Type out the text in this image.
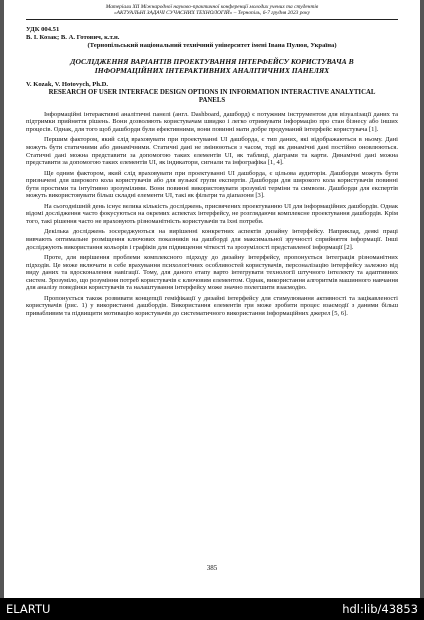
Матеріали XII Міжнародної науково-практичної конференції молодих учених та студентів
«АКТУАЛЬНІ ЗАДАЧІ СУЧАСНИХ ТЕХНОЛОГІЙ» – Тернопіль, 6-7 грудня 2023 року
УДК 004.51
В. І. Козак; В. А. Готович, к.т.н.
(Тернопільський національний технічний університет імені Івана Пулюя, Україна)
ДОСЛІДЖЕННЯ ВАРІАНТІВ ПРОЕКТУВАННЯ ІНТЕРФЕЙСУ КОРИСТУВАЧА В ІНФОРМАЦІЙНИХ ІНТЕРАКТИВНИХ АНАЛІТИЧНИХ ПАНЕЛЯХ
V. Kozak, V. Hotovych, Ph.D.
RESEARCH OF USER INTERFACE DESIGN OPTIONS IN INFORMATION INTERACTIVE ANALYTICAL PANELS

Інформаційні інтерактивні аналітичні панелі (англ. Dashboard, дашборд) є потужним інструментом для візуалізації даних та підтримки прийняття рішень. Вони дозволяють користувачам швидко і легко отримувати інформацію про стан бізнесу або інших процесів. Однак, для того щоб дашборди були ефективними, вони повинні мати добре продуманий інтерфейс користувача [1].

Першим фактором, який слід враховувати при проектуванні UI дашборда, є тип даних, які відображаються в ньому. Дані можуть бути статичними або динамічними. Статичні дані не змінюються з часом, тоді як динамічні дані постійно оновлюються. Статичні дані можна представити за допомогою таких елементів UI, як таблиці, діаграми та карти. Динамічні дані можна представити за допомогою таких елементів UI, як індикатори, сигнали та інфографіка [1, 4].

Ще одним фактором, який слід враховувати при проектуванні UI дашборда, є цільова аудиторія. Дашборди можуть бути призначені для широкого кола користувачів або для вузької групи експертів. Дашборди для широкого кола користувачів повинні бути простими та інтуїтивно зрозумілими. Вони повинні використовувати зрозумілі терміни та символи. Дашборди для експертів можуть використовувати більш складні елементи UI, такі як фільтри та діапазони [3].

На сьогоднішній день існує велика кількість досліджень, присвячених проектуванню UI для інформаційних дашбордів. Однак відомі дослідження часто фокусуються на окремих аспектах інтерфейсу, не розглядаючи комплексне проектування дашбордів. Крім того, такі рішення часто не враховують різноманітність користувачів та їхні потреби.

Декілька досліджень зосереджуються на вирішенні конкретних аспектів дизайну інтерфейсу. Наприклад, деякі праці вивчають оптимальне розміщення ключових показників на дашборді для максимальної зручності сприйняття інформації. Інші досліджують використання кольорів і графіків для підвищення чіткості та зрозумілості представленої інформації [2].

Проте, для вирішення проблеми комплексного підходу до дизайну інтерфейсу, пропонується інтеграція різноманітних підходів. Це може включати в себе врахування психологічних особливостей користувачів, персоналізацію інтерфейсу залежно від виду даних та вдосконалення навігації. Тому, для даного етапу варто інтегрувати технології штучного інтелекту та адаптивних систем. Зрозуміло, що розуміння потреб користувачів є ключовим елементом. Однак, використання алгоритмів машинного навчання для аналізу поведінки користувачів та налаштування інтерфейсу може значно полегшити взаємодію.

Пропонується також розвивати концепції геміфікації у дизайні інтерфейсу для стимулювання активності та зацікавленості користувачів (рис. 1) у використанні дашбордів. Використання елементів гри може зробити процес взаємодії з даними більш привабливим та підвищити мотивацію користувачів до систематичного використання інформаційних джерел [5, 6].

385
ELARTU	hdl:lib/43853
